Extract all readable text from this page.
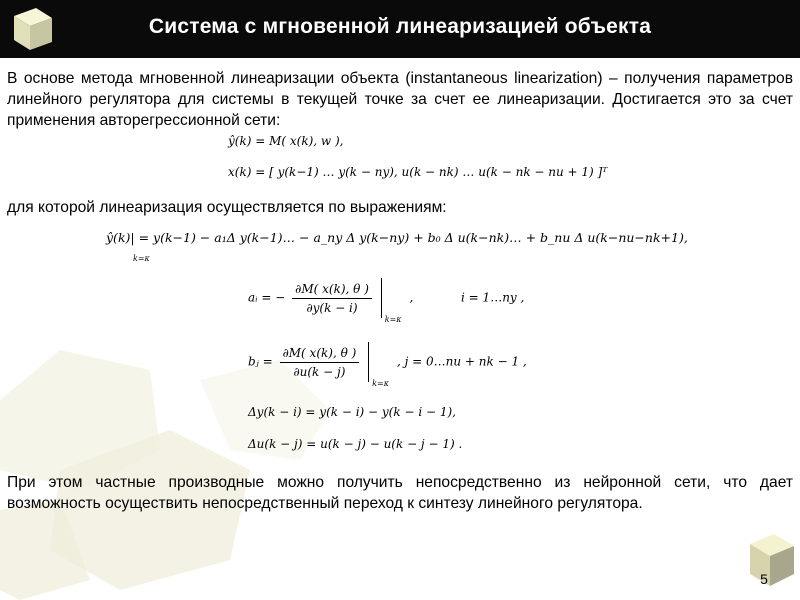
Система с мгновенной линеаризацией объекта
В основе метода мгновенной линеаризации объекта (instantaneous linearization) – получения параметров линейного регулятора для системы в текущей точке за счет ее линеаризации. Достигается это за счет применения авторегрессионной сети:
ŷ(k) = M( x(k), w ),
x(k) = [ y(k−1) … y(k − ny), u(k − nk) … u(k − nk − nu + 1) ]ᵀ
для которой линеаризация осуществляется по выражениям:
ŷ(k)| = y(k−1) − a₁Δ y(k−1)… − a_ny Δ y(k−ny) + b₀ Δ u(k−nk)… + b_nu Δ u(k−nu−nk+1),
k=κ
aᵢ = − $\frac{\partial M( x(k), \theta )}{\partial y(k - i)}$

k=κ
,	i = 1…ny ,
bⱼ = $\frac{\partial M( x(k), \theta )}{\partial u(k - j)}$

k=κ
, j = 0…nu + nk − 1 ,
Δy(k − i) = y(k − i) − y(k − i − 1),
Δu(k − j) = u(k − j) − u(k − j − 1) .
При этом частные производные можно получить непосредственно из нейронной сети, что дает возможность осуществить непосредственный переход к синтезу линейного регулятора.
5
